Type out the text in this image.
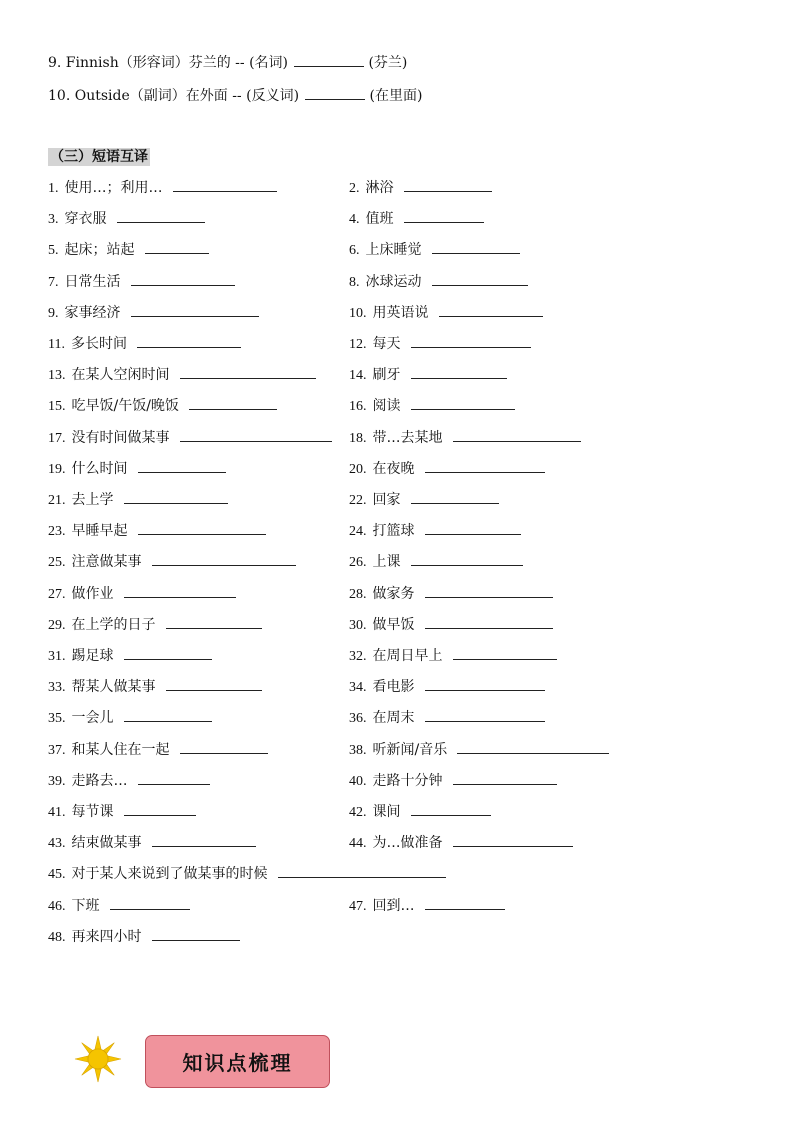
9. Finnish（形容词）芬兰的 -- (名词)	(芬兰)
10. Outside（副词）在外面 -- (反义词)	(在里面)
（三）短语互译
1. 使用…；利用…	2. 淋浴
3. 穿衣服	4. 值班
5. 起床；站起	6. 上床睡觉
7. 日常生活	8. 冰球运动
9. 家事经济	10. 用英语说
11. 多长时间	12. 每天
13. 在某人空闲时间	14. 刷牙
15. 吃早饭/午饭/晚饭	16. 阅读
17. 没有时间做某事	18. 带…去某地
19. 什么时间	20. 在夜晚
21. 去上学	22. 回家
23. 早睡早起	24. 打篮球
25. 注意做某事	26. 上课
27. 做作业	28. 做家务
29. 在上学的日子	30. 做早饭
31. 踢足球	32. 在周日早上
33. 帮某人做某事	34. 看电影
35. 一会儿	36. 在周末
37. 和某人住在一起	38. 听新闻/音乐
39. 走路去…	40. 走路十分钟
41. 每节课	42. 课间
43. 结束做某事	44. 为…做准备
45. 对于某人来说到了做某事的时候
46. 下班	47. 回到…
48. 再来四小时
知识点梳理
